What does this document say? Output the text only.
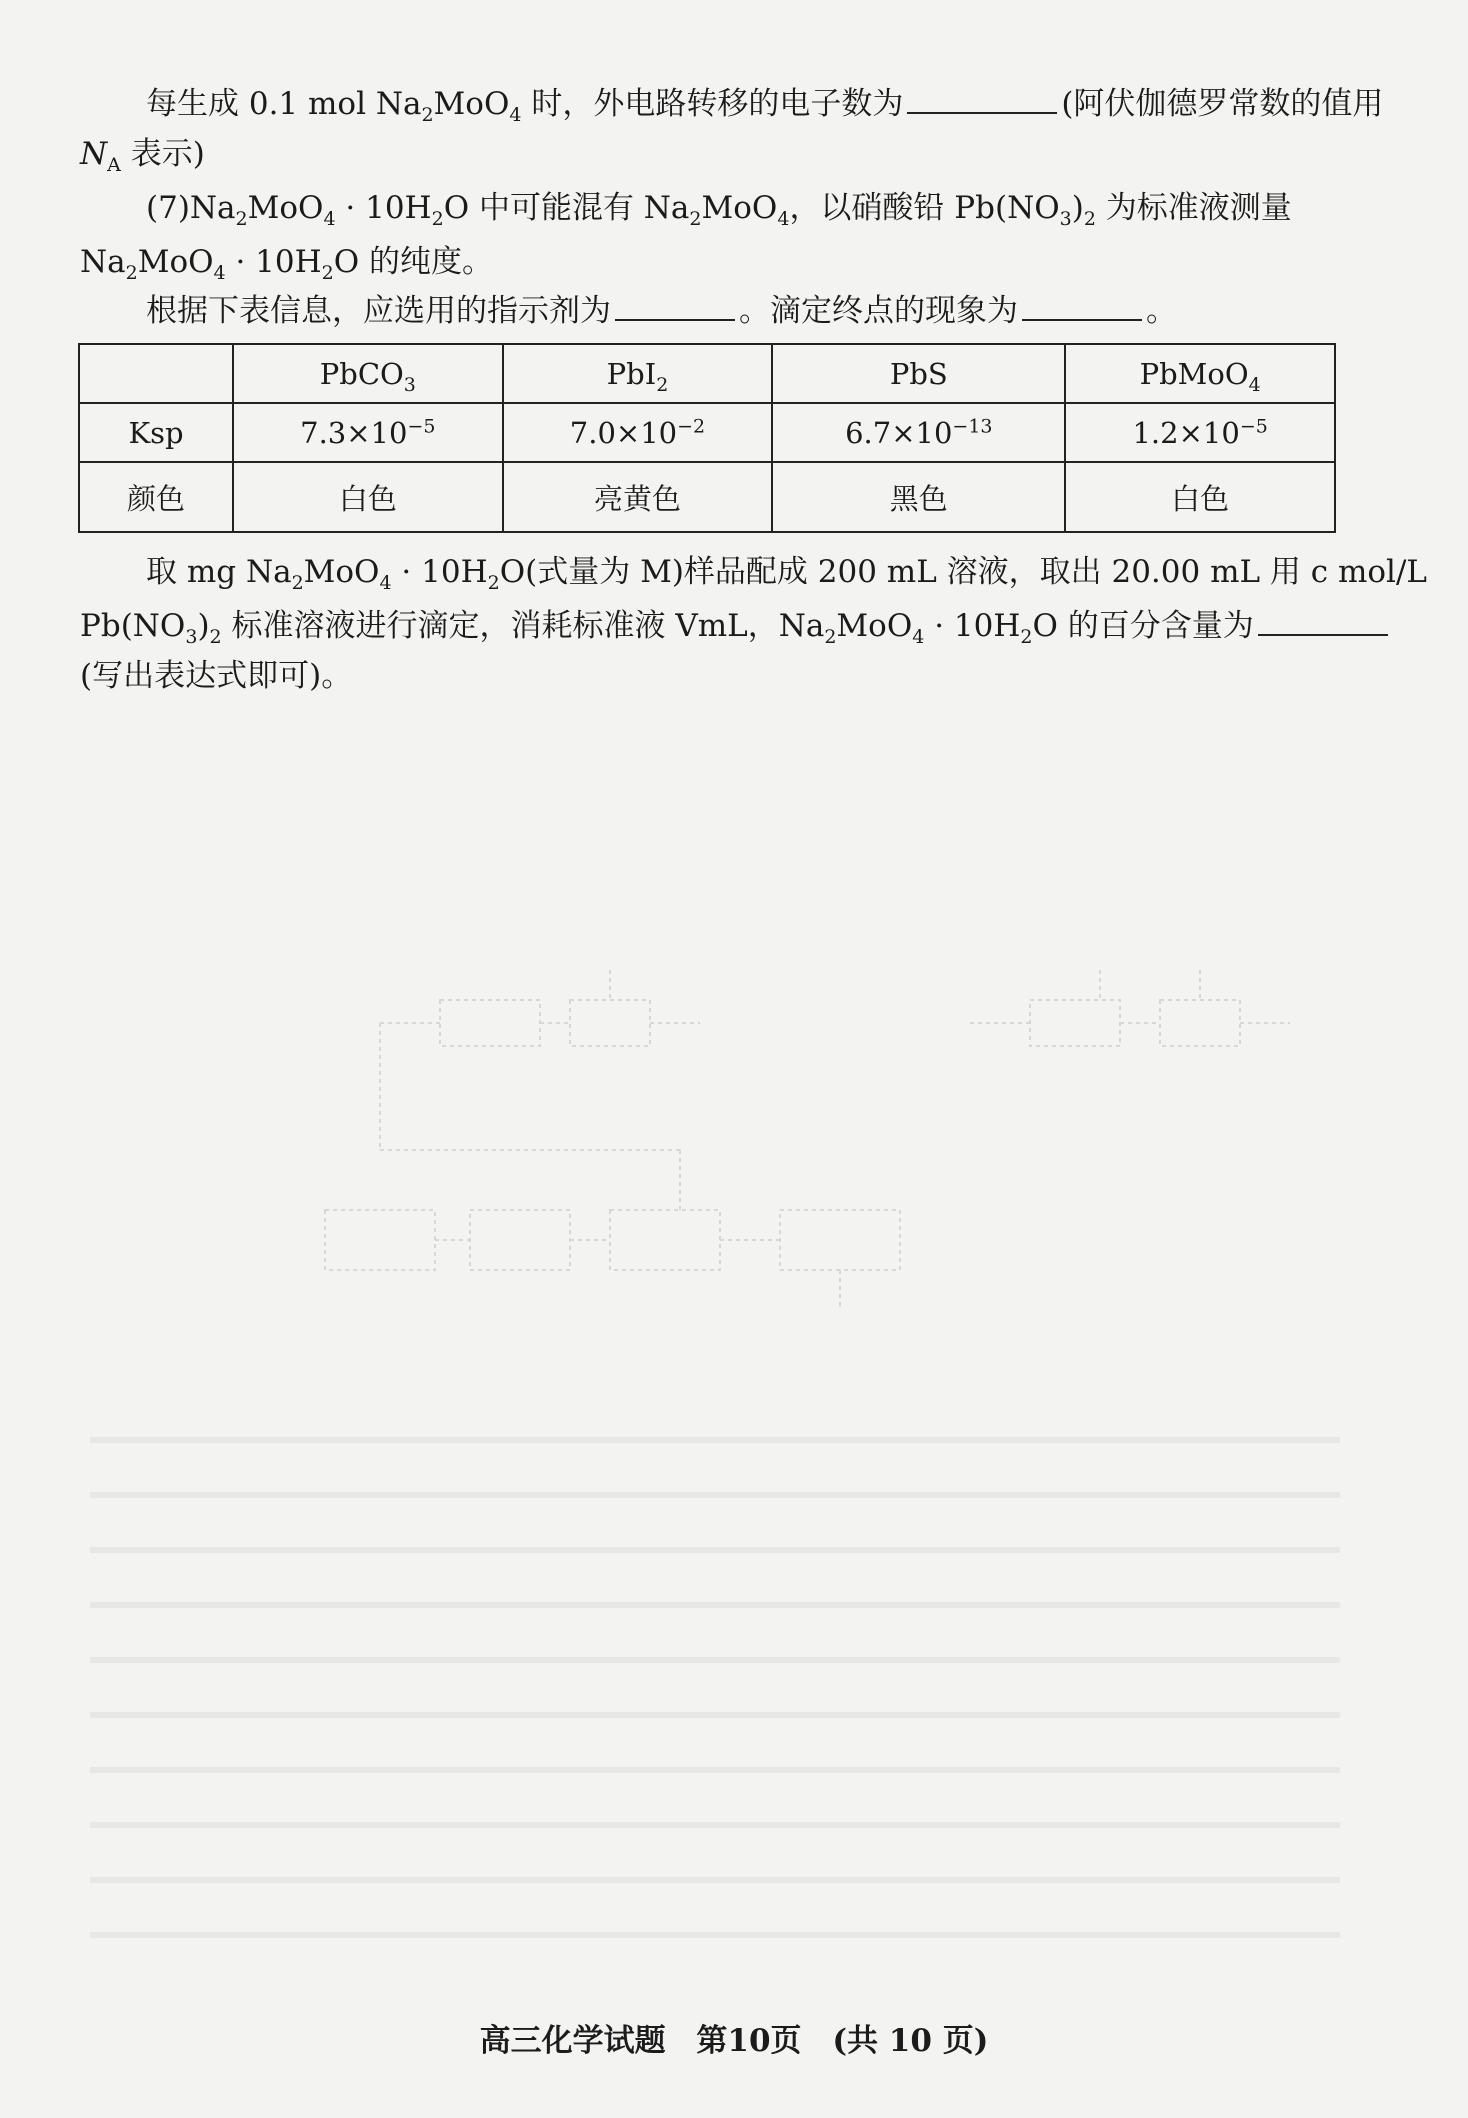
每生成 0.1 mol $Na_2MoO_4$ 时，外电路转移的电子数为	(阿伏伽德罗常数的值用
$N_A$ 表示)
$(7)Na_2MoO_4 \cdot 10H_2O$ 中可能混有 $Na_2MoO_4$，以硝酸铅 $Pb(NO_3)_2$ 为标准液测量
$Na_2MoO_4 \cdot 10H_2O$ 的纯度。
根据下表信息，应选用的指示剂为	。滴定终点的现象为	。
	PbCO$_3$	PbI$_2$	PbS	PbMoO$_4$
Ksp	$7.3\times 10^{-5}$	$7.0\times 10^{-2}$	$6.7\times 10^{-13}$	$1.2\times 10^{-5}$
颜色	白色	亮黄色	黑色	白色
取 mg $Na_2MoO_4 \cdot 10H_2O$(式量为 M)样品配成 200 mL 溶液，取出 20.00 mL 用 c mol/L
$Pb(NO_3)_2$ 标准溶液进行滴定，消耗标准液 VmL，$Na_2MoO_4 \cdot 10H_2O$ 的百分含量为
(写出表达式即可)。
高三化学试题 第10页 (共 10 页)
